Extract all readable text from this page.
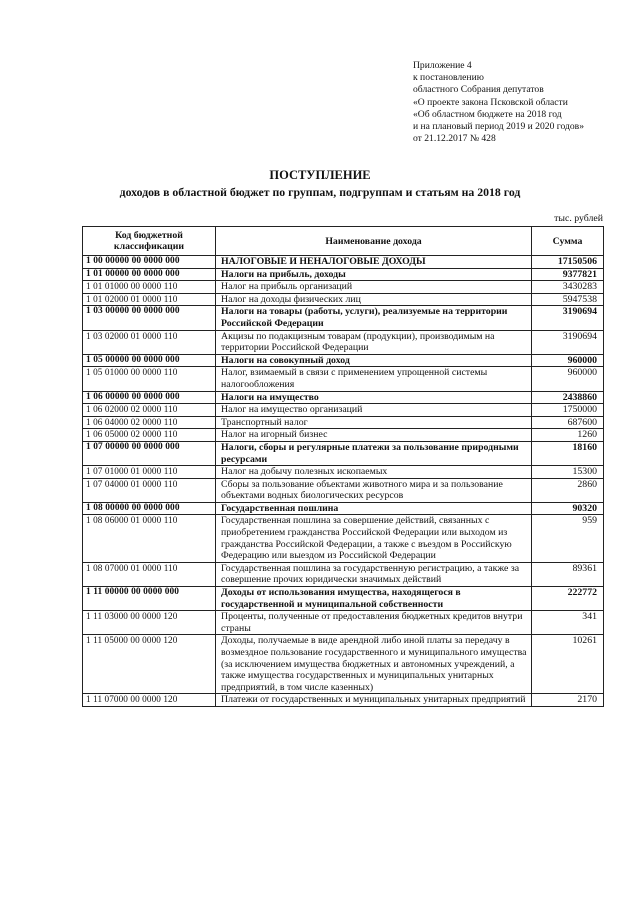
Приложение 4
к постановлению
областного Собрания депутатов
«О проекте закона Псковской области
«Об областном бюджете на 2018 год
и на плановый период 2019 и 2020 годов»
от 21.12.2017 № 428
ПОСТУПЛЕНИЕ
доходов в областной бюджет по группам, подгруппам и статьям на 2018 год
тыс. рублей
Код бюджетной классификации	Наименование дохода	Сумма
1 00 00000 00 0000 000	НАЛОГОВЫЕ И НЕНАЛОГОВЫЕ ДОХОДЫ	17150506
1 01 00000 00 0000 000	Налоги на прибыль, доходы	9377821
1 01 01000 00 0000 110	Налог на прибыль организаций	3430283
1 01 02000 01 0000 110	Налог на доходы физических лиц	5947538
1 03 00000 00 0000 000	Налоги на товары (работы, услуги), реализуемые на территории Российской Федерации	3190694
1 03 02000 01 0000 110	Акцизы по подакцизным товарам (продукции), производимым на территории Российской Федерации	3190694
1 05 00000 00 0000 000	Налоги на совокупный доход	960000
1 05 01000 00 0000 110	Налог, взимаемый в связи с применением упрощенной системы налогообложения	960000
1 06 00000 00 0000 000	Налоги на имущество	2438860
1 06 02000 02 0000 110	Налог на имущество организаций	1750000
1 06 04000 02 0000 110	Транспортный налог	687600
1 06 05000 02 0000 110	Налог на игорный бизнес	1260
1 07 00000 00 0000 000	Налоги, сборы и регулярные платежи за пользование природными ресурсами	18160
1 07 01000 01 0000 110	Налог на добычу полезных ископаемых	15300
1 07 04000 01 0000 110	Сборы за пользование объектами животного мира и за пользование объектами водных биологических ресурсов	2860
1 08 00000 00 0000 000	Государственная пошлина	90320
1 08 06000 01 0000 110	Государственная пошлина за совершение действий, связанных с приобретением гражданства Российской Федерации или выходом из гражданства Российской Федерации, а также с въездом в Российскую Федерацию или выездом из Российской Федерации	959
1 08 07000 01 0000 110	Государственная пошлина за государственную регистрацию, а также за совершение прочих юридически значимых действий	89361
1 11 00000 00 0000 000	Доходы от использования имущества, находящегося в государственной и муниципальной собственности	222772
1 11 03000 00 0000 120	Проценты, полученные от предоставления бюджетных кредитов внутри страны	341
1 11 05000 00 0000 120	Доходы, получаемые в виде арендной либо иной платы за передачу в возмездное пользование государственного и муниципального имущества (за исключением имущества бюджетных и автономных учреждений, а также имущества государственных и муниципальных унитарных предприятий, в том числе казенных)	10261
1 11 07000 00 0000 120	Платежи от государственных и муниципальных унитарных предприятий	2170
